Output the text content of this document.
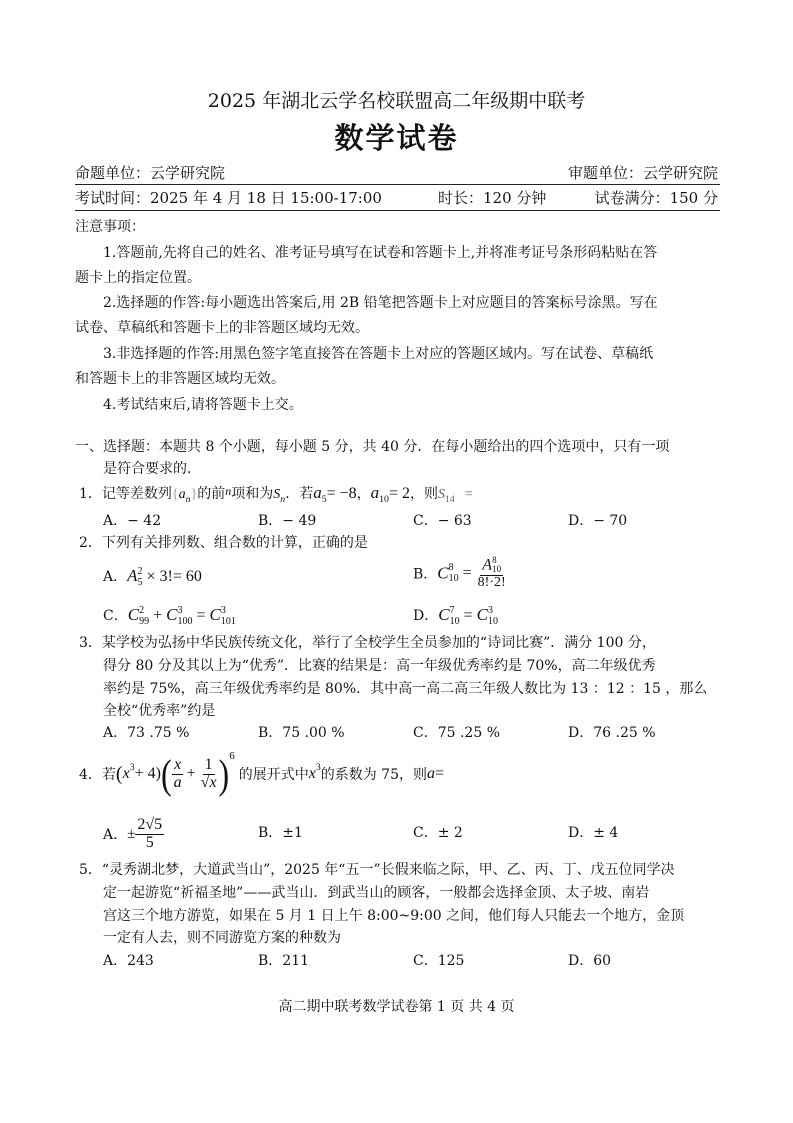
2025 年湖北云学名校联盟高二年级期中联考
数学试卷
命题单位：云学研究院	审题单位：云学研究院
考试时间：2025 年 4 月 18 日 15:00-17:00	时长：120 分钟	试卷满分：150 分
注意事项：
1.答题前,先将自己的姓名、准考证号填写在试卷和答题卡上,并将准考证号条形码粘贴在答
题卡上的指定位置。
2.选择题的作答:每小题选出答案后,用 2B 铅笔把答题卡上对应题目的答案标号涂黑。写在
试卷、草稿纸和答题卡上的非答题区域均无效。
3.非选择题的作答:用黑色签字笔直接答在答题卡上对应的答题区域内。写在试卷、草稿纸
和答题卡上的非答题区域均无效。
4.考试结束后,请将答题卡上交。
一、选择题：本题共 8 个小题，每小题 5 分，共 40 分．在每小题给出的四个选项中，只有一项
是符合要求的．
1．记等差数列$\{a_n\}$的前n项和为$S_n$．若$a_5= -8$，$a_{10}= 2$，则$S_{14}$ =
A．− 42	B．− 49	C．− 63	D．− 70
2．下列有关排列数、组合数的计算，正确的是
A．A 2
5 × 3!= 60	B．C 8
10 = A 8
10
8!·2!
C．C 2
99 + C 3
100 = C 3
101	D．C 7
10 = C 3
10
3．某学校为弘扬中华民族传统文化，举行了全校学生全员参加的“诗词比赛”．满分 100 分，
得分 80 分及其以上为“优秀”．比赛的结果是：高一年级优秀率约是 70%，高二年级优秀
率约是 75%，高三年级优秀率约是 80%．其中高一高二高三年级人数比为 13 ：12 ：15 ，那么
全校“优秀率”约是
A．73 .75 %	B．75 .00 %	C．75 .25 %	D．76 .25 %
4． 若 ( $x^3 + 4$) ( $\frac{x}{a} + \frac{1}{√x} )^6$
的展开式中 $x^3$ 的系数为 75，则 a =
A． ± $\frac{2√5}{5}$	B．±1	C．± 2	D．± 4
5．“灵秀湖北梦，大道武当山”，2025 年“五一”长假来临之际，甲、乙、丙、丁、戊五位同学决
定一起游览“祈福圣地”——武当山．到武当山的顾客，一般都会选择金顶、太子坡、南岩
宫这三个地方游览，如果在 5 月 1 日上午 8:00~9:00 之间，他们每人只能去一个地方，金顶
一定有人去，则不同游览方案的种数为
A．243	B．211	C．125	D．60
高二期中联考数学试卷第 1 页 共 4 页
